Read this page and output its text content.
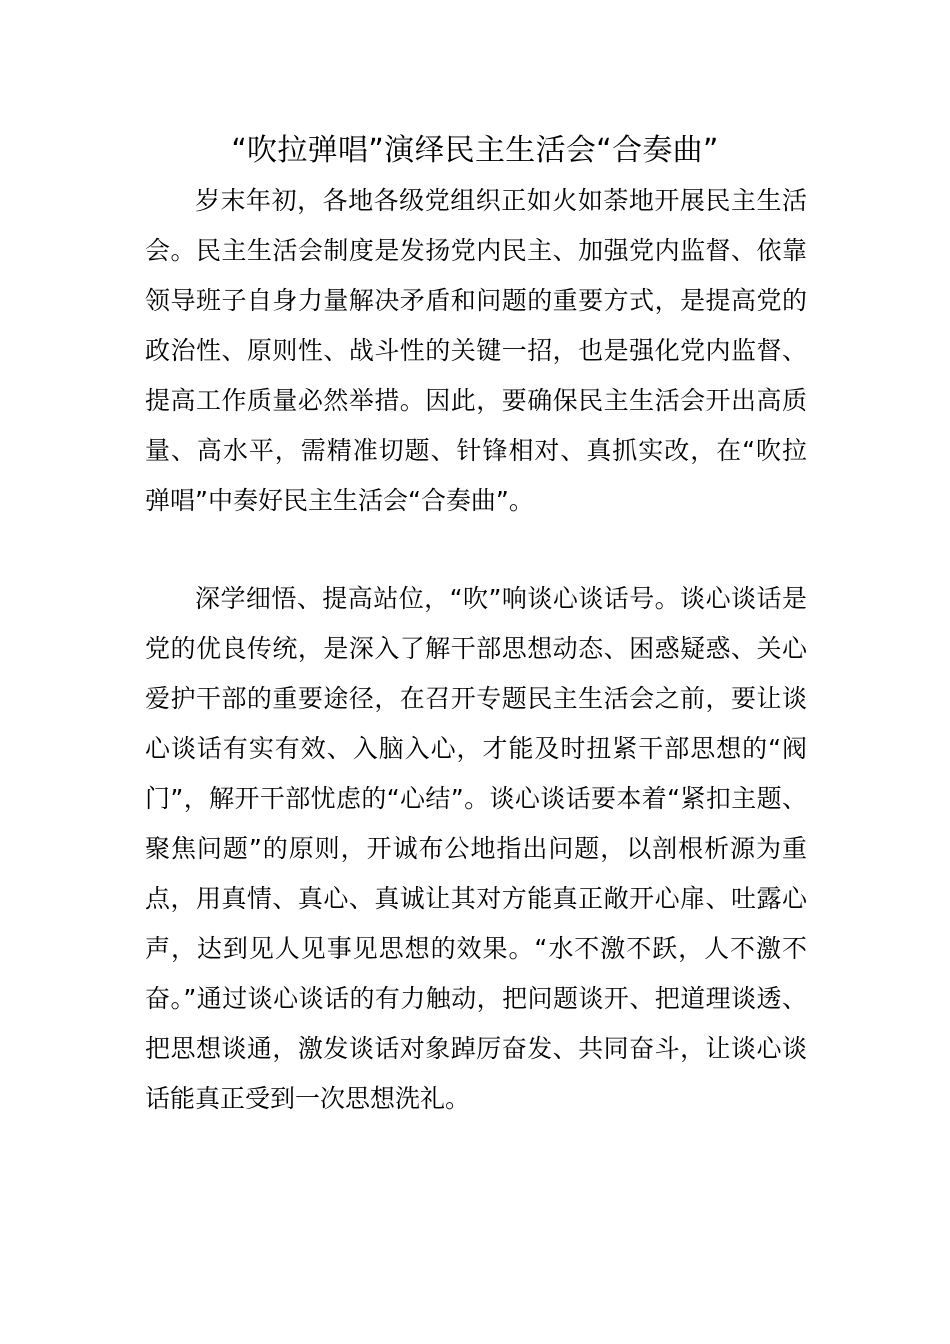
“吹拉弹唱”演绎民主生活会“合奏曲”

岁末年初，各地各级党组织正如火如荼地开展民主生活会。民主生活会制度是发扬党内民主、加强党内监督、依靠领导班子自身力量解决矛盾和问题的重要方式，是提高党的政治性、原则性、战斗性的关键一招，也是强化党内监督、提高工作质量必然举措。因此，要确保民主生活会开出高质量、高水平，需精准切题、针锋相对、真抓实改，在“吹拉弹唱”中奏好民主生活会“合奏曲”。

深学细悟、提高站位，“吹”响谈心谈话号。谈心谈话是党的优良传统，是深入了解干部思想动态、困惑疑惑、关心爱护干部的重要途径，在召开专题民主生活会之前，要让谈心谈话有实有效、入脑入心，才能及时扭紧干部思想的“阀门”，解开干部忧虑的“心结”。谈心谈话要本着“紧扣主题、聚焦问题”的原则，开诚布公地指出问题，以剖根析源为重点，用真情、真心、真诚让其对方能真正敞开心扉、吐露心声，达到见人见事见思想的效果。“水不激不跃，人不激不奋。”通过谈心谈话的有力触动，把问题谈开、把道理谈透、把思想谈通，激发谈话对象踔厉奋发、共同奋斗，让谈心谈话能真正受到一次思想洗礼。
